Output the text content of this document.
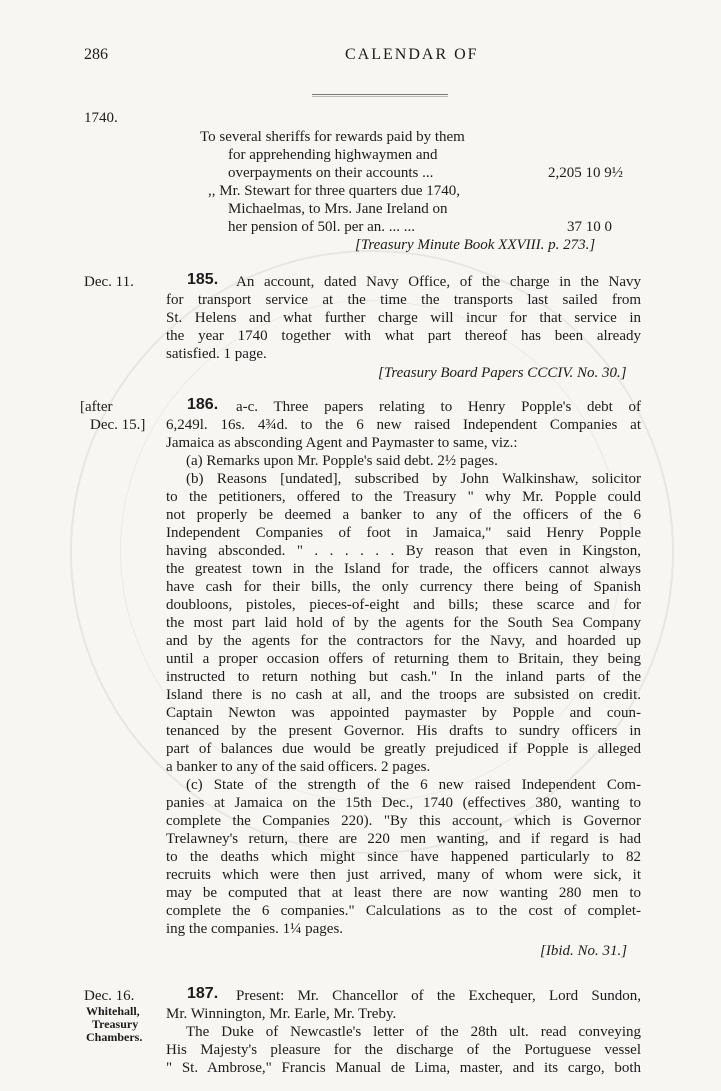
286	CALENDAR OF
1740.
To several sheriffs for rewards paid by them
for apprehending highwaymen and
overpayments on their accounts ...	2,205 10 9½
,, Mr. Stewart for three quarters due 1740,
Michaelmas, to Mrs. Jane Ireland on
her pension of 50l. per an. ... ...	37 10 0
[Treasury Minute Book XXVIII. p. 273.]
Dec. 11.	185. An account, dated Navy Office, of the charge in the Navy
for transport service at the time the transports last sailed from
St. Helens and what further charge will incur for that service in
the year 1740 together with what part thereof has been already
satisfied. 1 page.
[Treasury Board Papers CCCIV. No. 30.]
[after
Dec. 15.]
186. a-c. Three papers relating to Henry Popple's debt of
6,249l. 16s. 4¾d. to the 6 new raised Independent Companies at
Jamaica as absconding Agent and Paymaster to same, viz.:
(a) Remarks upon Mr. Popple's said debt. 2½ pages.
(b) Reasons [undated], subscribed by John Walkinshaw, solicitor
to the petitioners, offered to the Treasury " why Mr. Popple could
not properly be deemed a banker to any of the officers of the 6
Independent Companies of foot in Jamaica," said Henry Popple
having absconded. " . . . . . . By reason that even in Kingston,
the greatest town in the Island for trade, the officers cannot always
have cash for their bills, the only currency there being of Spanish
doubloons, pistoles, pieces-of-eight and bills; these scarce and for
the most part laid hold of by the agents for the South Sea Company
and by the agents for the contractors for the Navy, and hoarded up
until a proper occasion offers of returning them to Britain, they being
instructed to return nothing but cash." In the inland parts of the
Island there is no cash at all, and the troops are subsisted on credit.
Captain Newton was appointed paymaster by Popple and coun-
tenanced by the present Governor. His drafts to sundry officers in
part of balances due would be greatly prejudiced if Popple is alleged
a banker to any of the said officers. 2 pages.
(c) State of the strength of the 6 new raised Independent Com-
panies at Jamaica on the 15th Dec., 1740 (effectives 380, wanting to
complete the Companies 220). "By this account, which is Governor
Trelawney's return, there are 220 men wanting, and if regard is had
to the deaths which might since have happened particularly to 82
recruits which were then just arrived, many of whom were sick, it
may be computed that at least there are now wanting 280 men to
complete the 6 companies." Calculations as to the cost of complet-
ing the companies. 1¼ pages.
[Ibid. No. 31.]
Dec. 16.
Whitehall,
Treasury
Chambers.
187. Present: Mr. Chancellor of the Exchequer, Lord Sundon,
Mr. Winnington, Mr. Earle, Mr. Treby.
The Duke of Newcastle's letter of the 28th ult. read conveying
His Majesty's pleasure for the discharge of the Portuguese vessel
" St. Ambrose," Francis Manual de Lima, master, and its cargo, both
